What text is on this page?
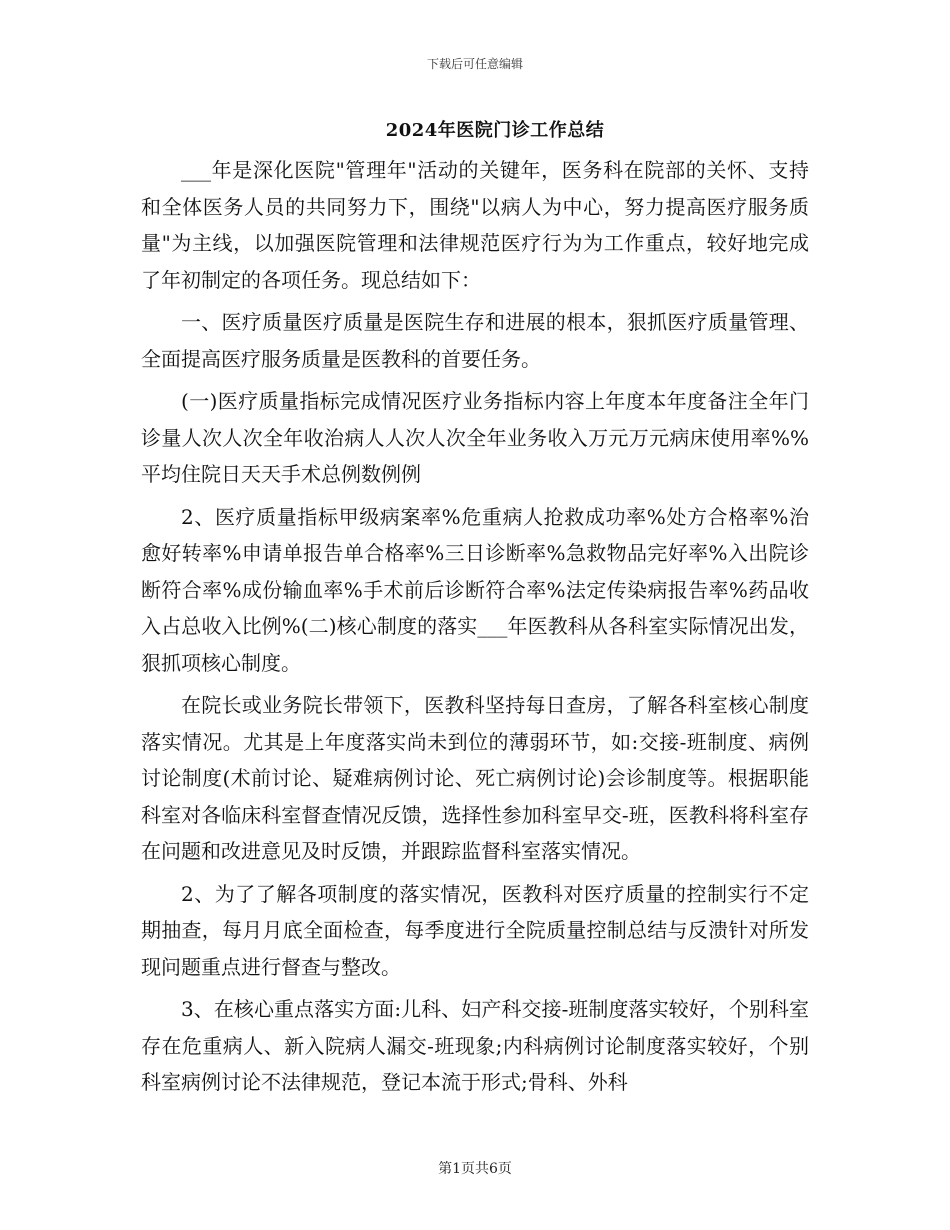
下载后可任意编辑
2024年医院门诊工作总结

___年是深化医院"管理年"活动的关键年，医务科在院部的关怀、支持和全体医务人员的共同努力下，围绕"以病人为中心，努力提高医疗服务质量"为主线，以加强医院管理和法律规范医疗行为为工作重点，较好地完成了年初制定的各项任务。现总结如下：

一、医疗质量医疗质量是医院生存和进展的根本，狠抓医疗质量管理、全面提高医疗服务质量是医教科的首要任务。

(一)医疗质量指标完成情况医疗业务指标内容上年度本年度备注全年门诊量人次人次全年收治病人人次人次全年业务收入万元万元病床使用率%%平均住院日天天手术总例数例例

2、医疗质量指标甲级病案率%危重病人抢救成功率%处方合格率%治愈好转率%申请单报告单合格率%三日诊断率%急救物品完好率%入出院诊断符合率%成份输血率%手术前后诊断符合率%法定传染病报告率%药品收入占总收入比例%(二)核心制度的落实___年医教科从各科室实际情况出发，狠抓项核心制度。

在院长或业务院长带领下，医教科坚持每日查房，了解各科室核心制度落实情况。尤其是上年度落实尚未到位的薄弱环节，如:交接-班制度、病例讨论制度(术前讨论、疑难病例讨论、死亡病例讨论)会诊制度等。根据职能科室对各临床科室督查情况反馈，选择性参加科室早交-班，医教科将科室存在问题和改进意见及时反馈，并跟踪监督科室落实情况。

2、为了了解各项制度的落实情况，医教科对医疗质量的控制实行不定期抽查，每月月底全面检查，每季度进行全院质量控制总结与反溃针对所发现问题重点进行督查与整改。

3、在核心重点落实方面:儿科、妇产科交接-班制度落实较好，个别科室存在危重病人、新入院病人漏交-班现象;内科病例讨论制度落实较好，个别科室病例讨论不法律规范，登记本流于形式;骨科、外科

第1页共6页
